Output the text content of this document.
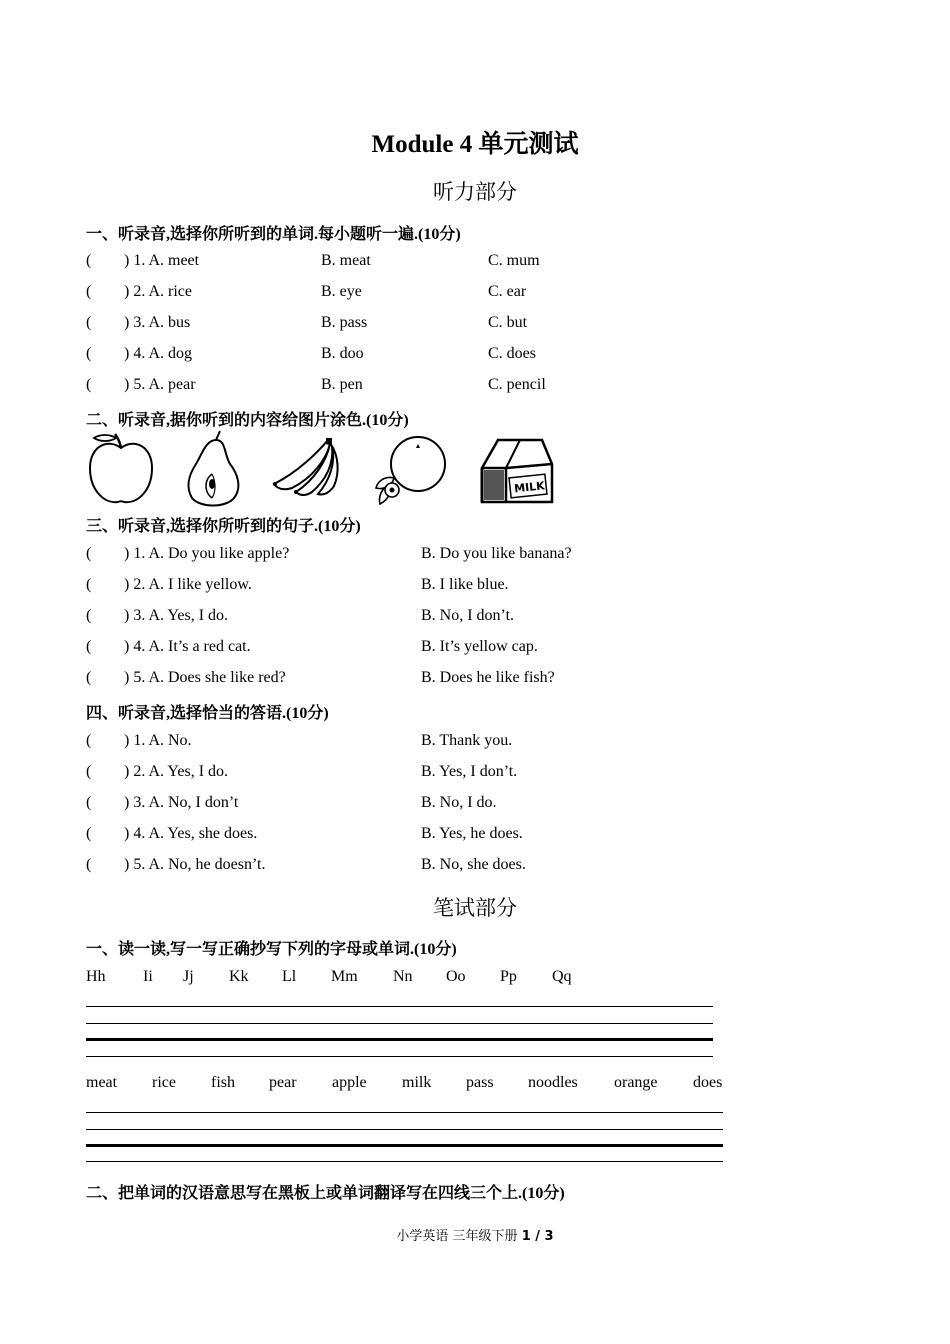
Module 4 单元测试
听力部分
一、听录音,选择你所听到的单词.每小题听一遍.(10分)
( ) 1. A. meet	B. meat	C. mum
( ) 2. A. rice	B. eye	C. ear
( ) 3. A. bus	B. pass	C. but
( ) 4. A. dog	B. doo	C. does
( ) 5. A. pear	B. pen	C. pencil
二、听录音,据你听到的内容给图片涂色.(10分)
MILK
三、听录音,选择你所听到的句子.(10分)
( ) 1. A. Do you like apple?	B. Do you like banana?
( ) 2. A. I like yellow.	B. I like blue.
( ) 3. A. Yes, I do.	B. No, I don’t.
( ) 4. A. It’s a red cat.	B. It’s yellow cap.
( ) 5. A. Does she like red?	B. Does he like fish?
四、听录音,选择恰当的答语.(10分)
( ) 1. A. No.	B. Thank you.
( ) 2. A. Yes, I do.	B. Yes, I don’t.
( ) 3. A. No, I don’t	B. No, I do.
( ) 4. A. Yes, she does.	B. Yes, he does.
( ) 5. A. No, he doesn’t.	B. No, she does.
笔试部分
一、读一读,写一写正确抄写下列的字母或单词.(10分)
Hh Ii Jj Kk Ll Mm Nn Oo Pp Qq
meat rice fish pear apple milk pass noodles orange does
二、把单词的汉语意思写在黑板上或单词翻译写在四线三个上.(10分)
小学英语 三年级下册 1 / 3
